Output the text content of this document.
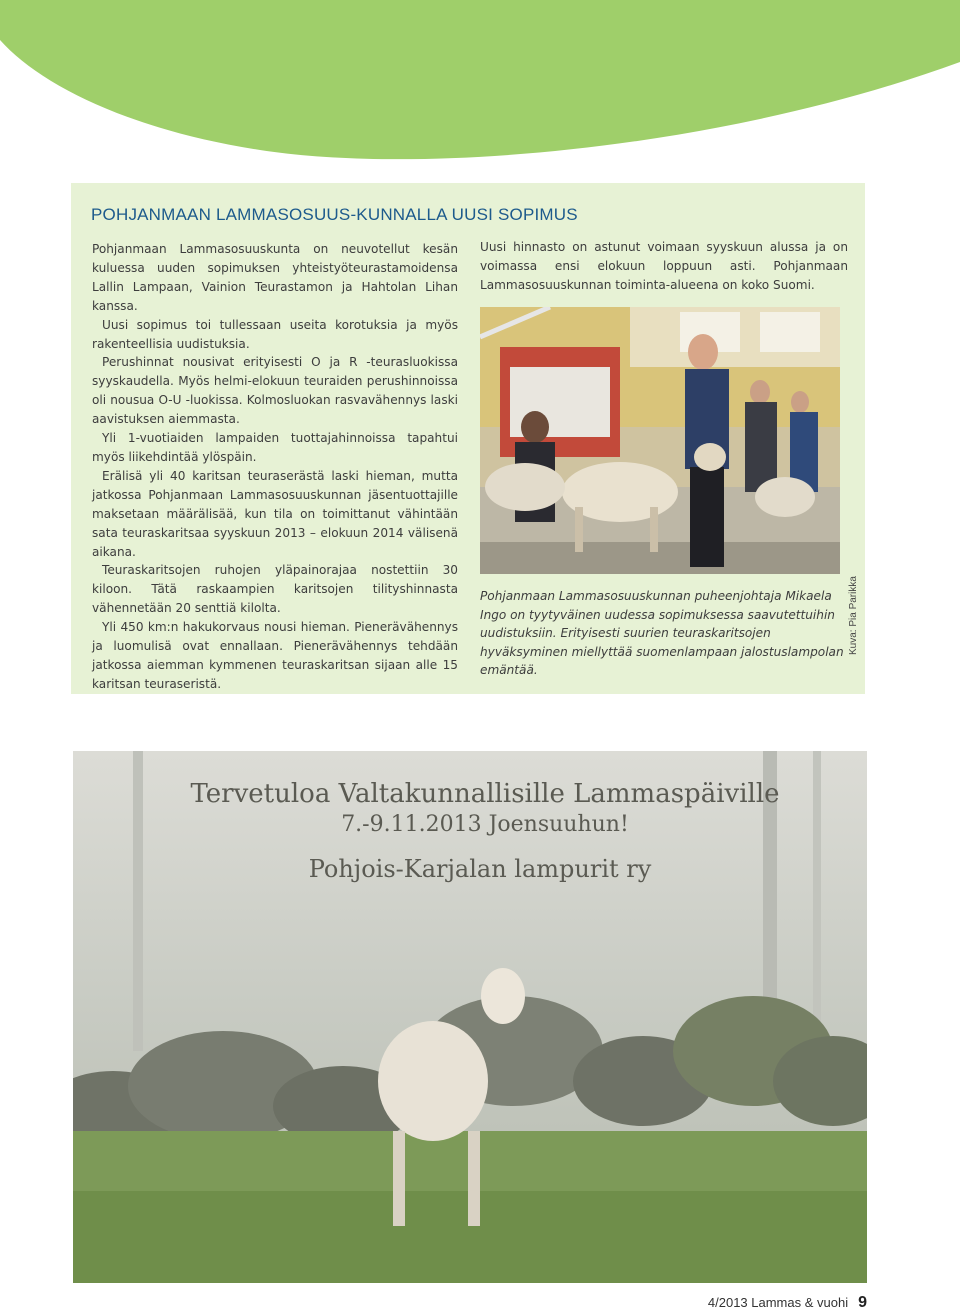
POHJANMAAN LAMMASOSUUS-KUNNALLA UUSI SOPIMUS

Pohjanmaan Lammasosuuskunta on neuvotellut kesän kuluessa uuden sopimuksen yhteistyöteurastamoidensa Lallin Lampaan, Vainion Teurastamon ja Hahtolan Lihan kanssa.

Uusi sopimus toi tullessaan useita korotuksia ja myös rakenteellisia uudistuksia.

Perushinnat nousivat erityisesti O ja R -teurasluokissa syyskaudella. Myös helmi-elokuun teuraiden perushinnoissa oli nousua O-U -luokissa. Kolmosluokan rasvavähennys laski aavistuksen aiemmasta.

Yli 1-vuotiaiden lampaiden tuottajahinnoissa tapahtui myös liikehdintää ylöspäin.

Erälisä yli 40 karitsan teuraserästä laski hieman, mutta jatkossa Pohjanmaan Lammasosuuskunnan jäsentuottajille maksetaan määrälisää, kun tila on toimittanut vähintään sata teuraskaritsaa syyskuun 2013 – elokuun 2014 välisenä aikana.

Teuraskaritsojen ruhojen yläpainorajaa nostettiin 30 kiloon. Tätä raskaampien karitsojen tilityshinnasta vähennetään 20 senttiä kilolta.

Yli 450 km:n hakukorvaus nousi hieman. Pienerävähennys ja luomulisä ovat ennallaan. Pienerävähennys tehdään jatkossa aiemman kymmenen teuraskaritsan sijaan alle 15 karitsan teuraseristä.

Uusi hinnasto on astunut voimaan syyskuun alussa ja on voimassa ensi elokuun loppuun asti. Pohjanmaan Lammasosuuskunnan toiminta-alueena on koko Suomi.

Kuva: Pia Parikka

Pohjanmaan Lammasosuuskunnan puheenjohtaja Mikaela Ingo on tyytyväinen uudessa sopimuksessa saavutettuihin uudistuksiin. Erityisesti suurien teuraskaritsojen hyväksyminen miellyttää suomenlampaan jalostuslampolan emäntää.

Tervetuloa Valtakunnallisille Lammaspäiville
7.-9.11.2013 Joensuuhun!
Pohjois-Karjalan lampurit ry
4/2013 Lammas & vuohi 9
